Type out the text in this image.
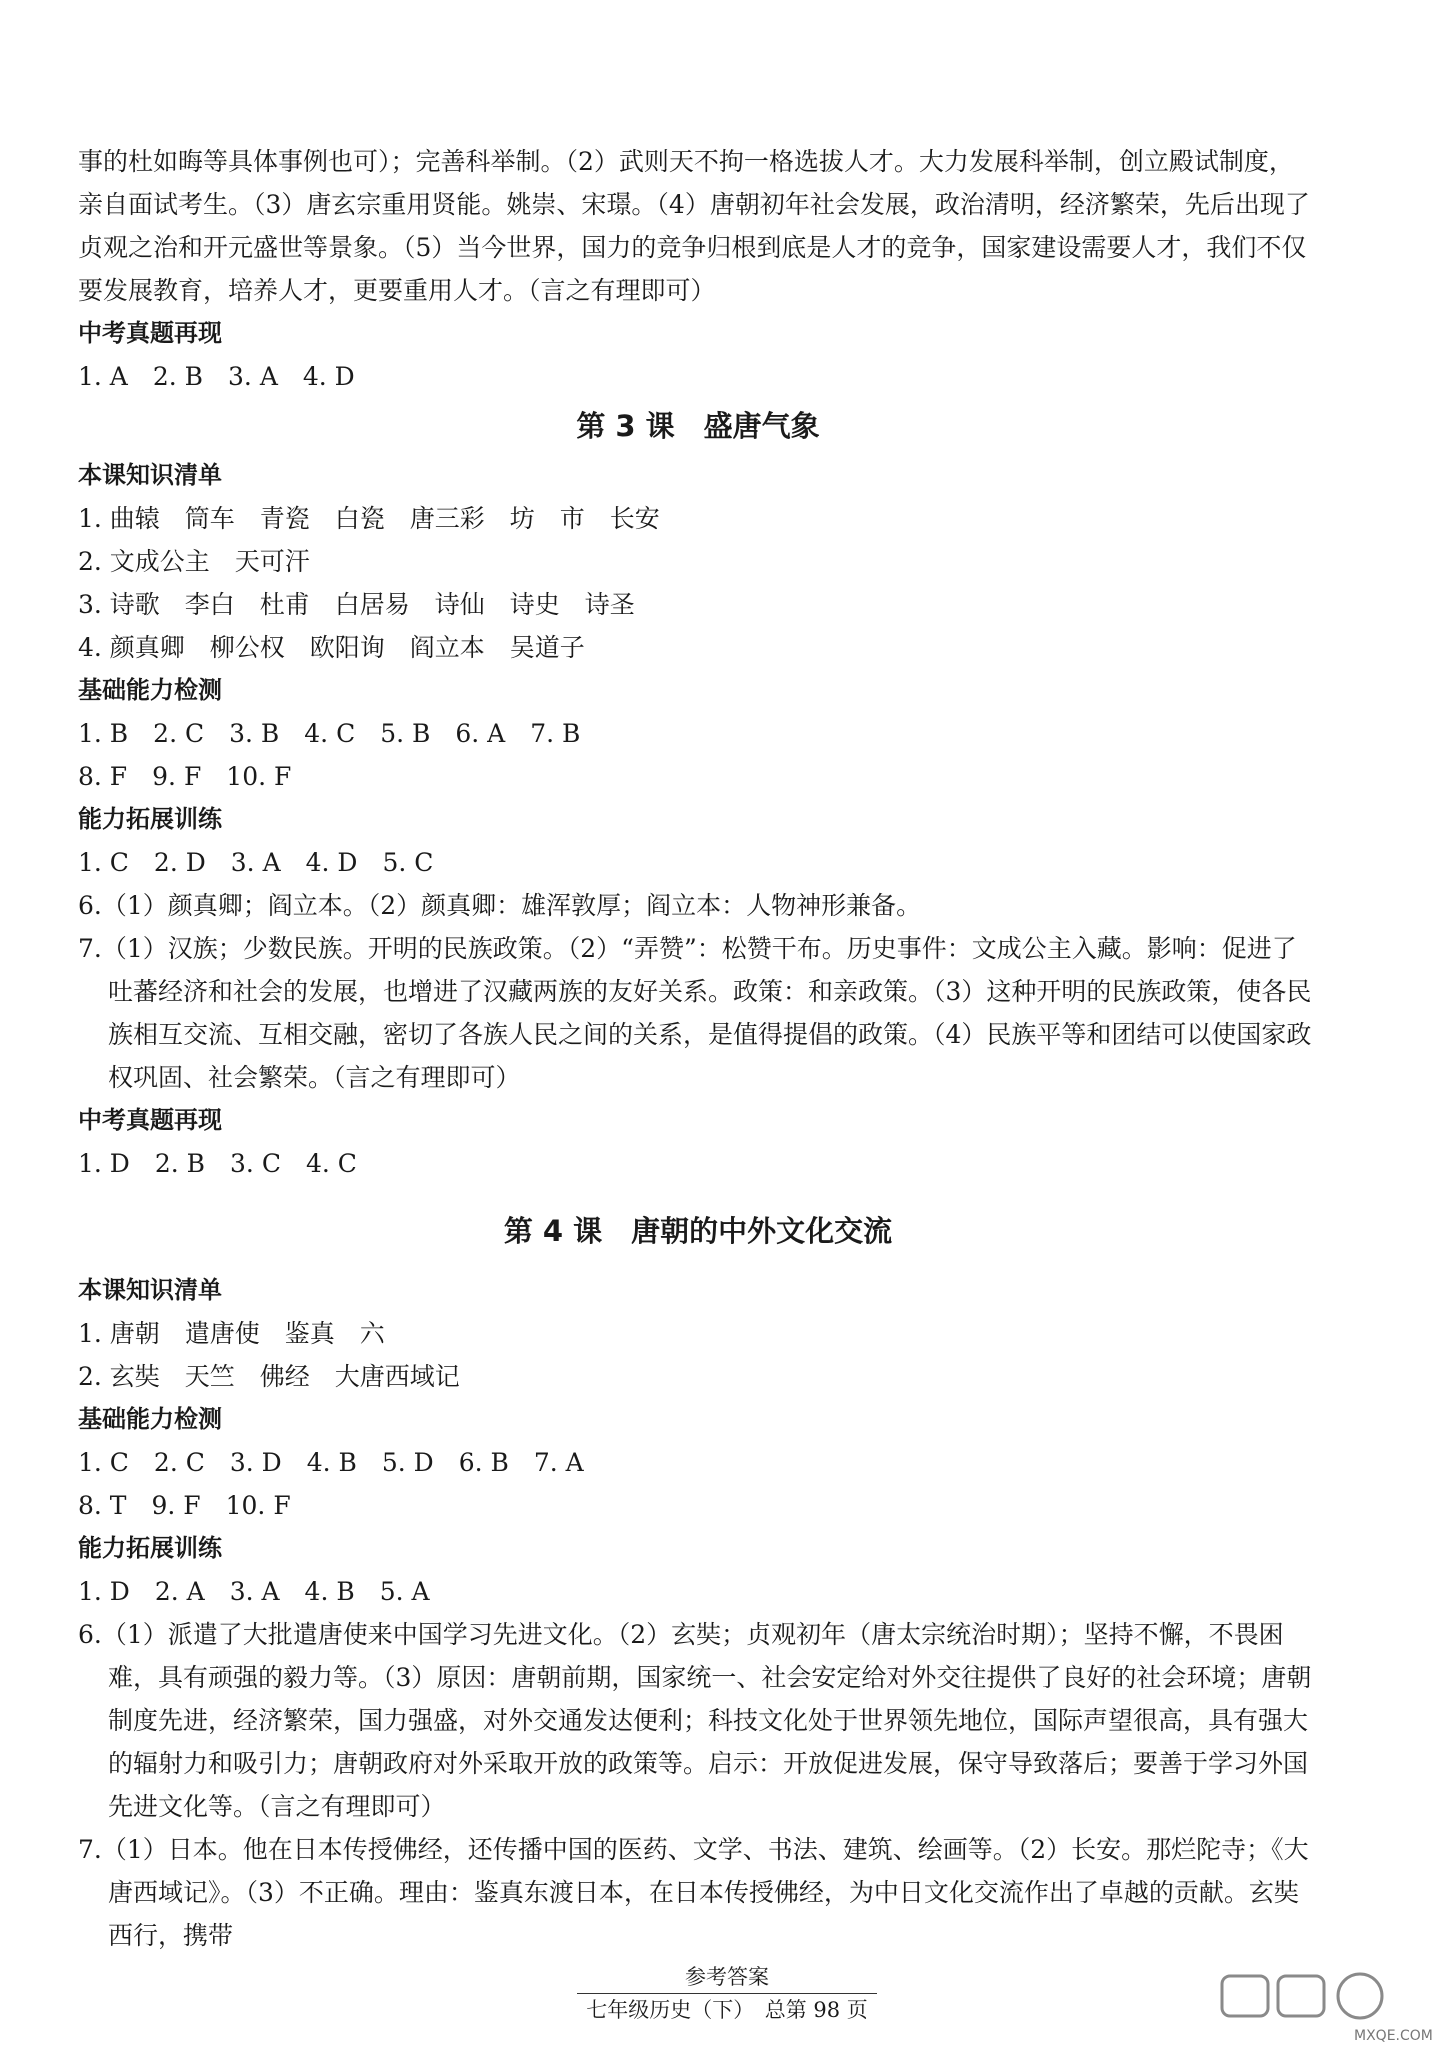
事的杜如晦等具体事例也可）；完善科举制。（2）武则天不拘一格选拔人才。大力发展科举制，创立殿试制度，亲自面试考生。（3）唐玄宗重用贤能。姚崇、宋璟。（4）唐朝初年社会发展，政治清明，经济繁荣，先后出现了贞观之治和开元盛世等景象。（5）当今世界，国力的竞争归根到底是人才的竞争，国家建设需要人才，我们不仅要发展教育，培养人才，更要重用人才。（言之有理即可）

中考真题再现

1. A　2. B　3. A　4. D

第 3 课　盛唐气象

本课知识清单

1. 曲辕　筒车　青瓷　白瓷　唐三彩　坊　市　长安

2. 文成公主　天可汗

3. 诗歌　李白　杜甫　白居易　诗仙　诗史　诗圣

4. 颜真卿　柳公权　欧阳询　阎立本　吴道子

基础能力检测

1. B　2. C　3. B　4. C　5. B　6. A　7. B

8. F　9. F　10. F

能力拓展训练

1. C　2. D　3. A　4. D　5. C

6.（1）颜真卿；阎立本。（2）颜真卿：雄浑敦厚；阎立本：人物神形兼备。

7.（1）汉族；少数民族。开明的民族政策。（2）“弄赞”：松赞干布。历史事件：文成公主入藏。影响：促进了吐蕃经济和社会的发展，也增进了汉藏两族的友好关系。政策：和亲政策。（3）这种开明的民族政策，使各民族相互交流、互相交融，密切了各族人民之间的关系，是值得提倡的政策。（4）民族平等和团结可以使国家政权巩固、社会繁荣。（言之有理即可）

中考真题再现

1. D　2. B　3. C　4. C

第 4 课　唐朝的中外文化交流

本课知识清单

1. 唐朝　遣唐使　鉴真　六

2. 玄奘　天竺　佛经　大唐西域记

基础能力检测

1. C　2. C　3. D　4. B　5. D　6. B　7. A

8. T　9. F　10. F

能力拓展训练

1. D　2. A　3. A　4. B　5. A

6.（1）派遣了大批遣唐使来中国学习先进文化。（2）玄奘；贞观初年（唐太宗统治时期）；坚持不懈，不畏困难，具有顽强的毅力等。（3）原因：唐朝前期，国家统一、社会安定给对外交往提供了良好的社会环境；唐朝制度先进，经济繁荣，国力强盛，对外交通发达便利；科技文化处于世界领先地位，国际声望很高，具有强大的辐射力和吸引力；唐朝政府对外采取开放的政策等。启示：开放促进发展，保守导致落后；要善于学习外国先进文化等。（言之有理即可）

7.（1）日本。他在日本传授佛经，还传播中国的医药、文学、书法、建筑、绘画等。（2）长安。那烂陀寺；《大唐西域记》。（3）不正确。理由：鉴真东渡日本，在日本传授佛经，为中日文化交流作出了卓越的贡献。玄奘西行，携带

参考答案
七年级历史（下）　总第 98 页
MXQE.COM
